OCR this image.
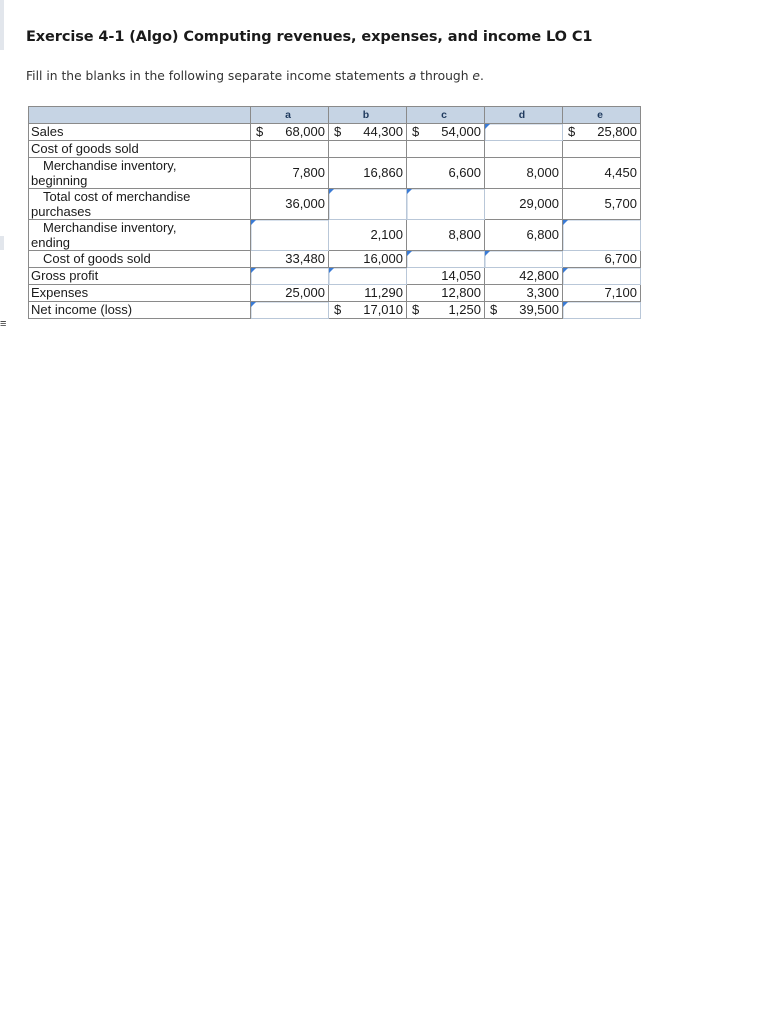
≡
Exercise 4-1 (Algo) Computing revenues, expenses, and income LO C1
Fill in the blanks in the following separate income statements a through e.
	a	b	c	d	e
Sales	$ 68,000	$ 44,300	$ 54,000		$ 25,800

Cost of goods sold					
Merchandise inventory,
beginning	7,800	16,860	6,600	8,000	4,450
Total cost of merchandise
purchases	36,000			29,000	5,700
Merchandise inventory,
ending		2,100	8,800	6,800	
Cost of goods sold	33,480	16,000			6,700
Gross profit			14,050	42,800	
Expenses	25,000	11,290	12,800	3,300	7,100
Net income (loss)		$ 17,010	$ 1,250	$ 39,500	
